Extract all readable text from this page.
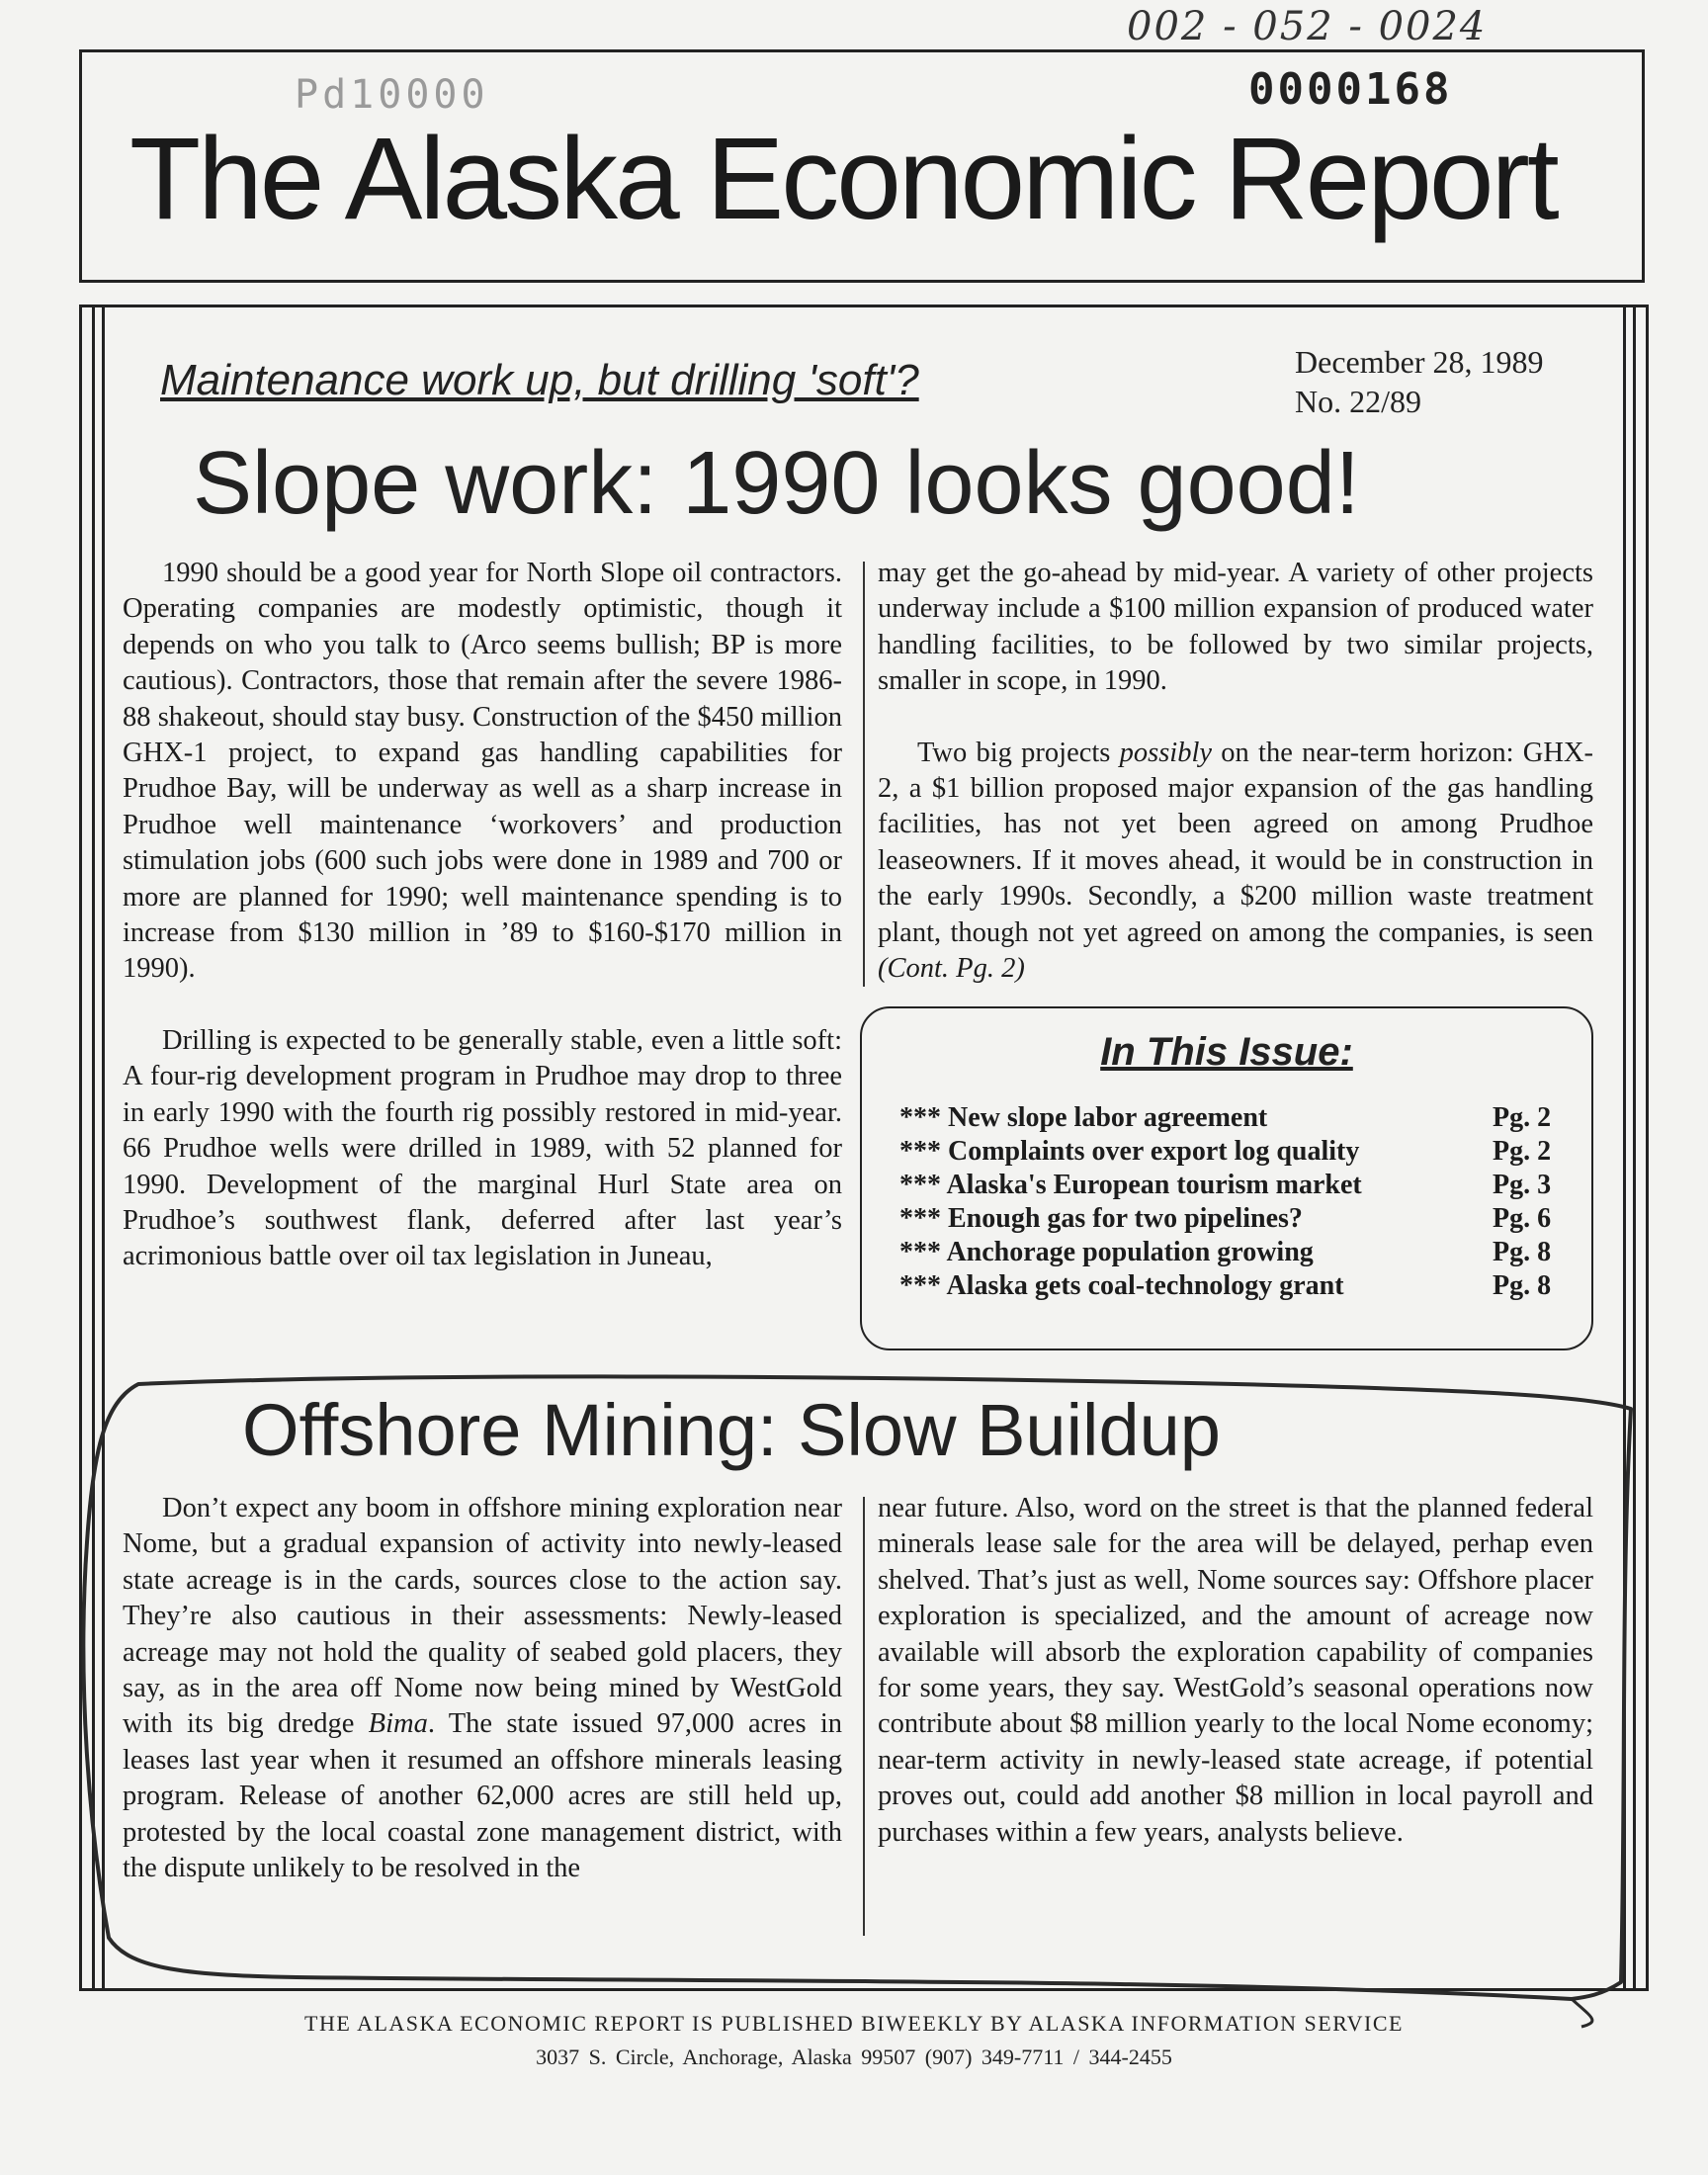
002 - 052 - 0024
Pd10000	0000168
The Alaska Economic Report
Maintenance work up, but drilling 'soft'?	December 28, 1989
No. 22/89
Slope work: 1990 looks good!

1990 should be a good year for North Slope oil contractors. Operating companies are modestly optimistic, though it depends on who you talk to (Arco seems bullish; BP is more cautious). Contractors, those that remain after the severe 1986-88 shakeout, should stay busy. Construction of the $450 million GHX-1 project, to expand gas handling capabilities for Prudhoe Bay, will be underway as well as a sharp increase in Prudhoe well maintenance ‘workovers’ and production stimulation jobs (600 such jobs were done in 1989 and 700 or more are planned for 1990; well maintenance spending is to increase from $130 million in ’89 to $160-$170 million in 1990).

Drilling is expected to be generally stable, even a little soft: A four-rig development program in Prudhoe may drop to three in early 1990 with the fourth rig possibly restored in mid-year. 66 Prudhoe wells were drilled in 1989, with 52 planned for 1990. Development of the marginal Hurl State area on Prudhoe’s southwest flank, deferred after last year’s acrimonious battle over oil tax legislation in Juneau,

may get the go-ahead by mid-year. A variety of other projects underway include a $100 million expansion of produced water handling facilities, to be followed by two similar projects, smaller in scope, in 1990.

Two big projects possibly on the near-term horizon: GHX-2, a $1 billion proposed major expansion of the gas handling facilities, has not yet been agreed on among Prudhoe leaseowners. If it moves ahead, it would be in construction in the early 1990s. Secondly, a $200 million waste treatment plant, though not yet agreed on among the companies, is seen (Cont. Pg. 2)

In This Issue:
*** New slope labor agreement	Pg. 2
*** Complaints over export log quality	Pg. 2
*** Alaska's European tourism market	Pg. 3
*** Enough gas for two pipelines?	Pg. 6
*** Anchorage population growing	Pg. 8
*** Alaska gets coal-technology grant	Pg. 8
Offshore Mining: Slow Buildup

Don’t expect any boom in offshore mining exploration near Nome, but a gradual expansion of activity into newly-leased state acreage is in the cards, sources close to the action say. They’re also cautious in their assessments: Newly-leased acreage may not hold the quality of seabed gold placers, they say, as in the area off Nome now being mined by WestGold with its big dredge Bima. The state issued 97,000 acres in leases last year when it resumed an offshore minerals leasing program. Release of another 62,000 acres are still held up, protested by the local coastal zone management district, with the dispute unlikely to be resolved in the

near future. Also, word on the street is that the planned federal minerals lease sale for the area will be delayed, perhap even shelved. That’s just as well, Nome sources say: Offshore placer exploration is specialized, and the amount of acreage now available will absorb the exploration capability of companies for some years, they say. WestGold’s seasonal operations now contribute about $8 million yearly to the local Nome economy; near-term activity in newly-leased state acreage, if potential proves out, could add another $8 million in local payroll and purchases within a few years, analysts believe.

THE ALASKA ECONOMIC REPORT IS PUBLISHED BIWEEKLY BY ALASKA INFORMATION SERVICE
3037 S. Circle, Anchorage, Alaska 99507 (907) 349-7711 / 344-2455
